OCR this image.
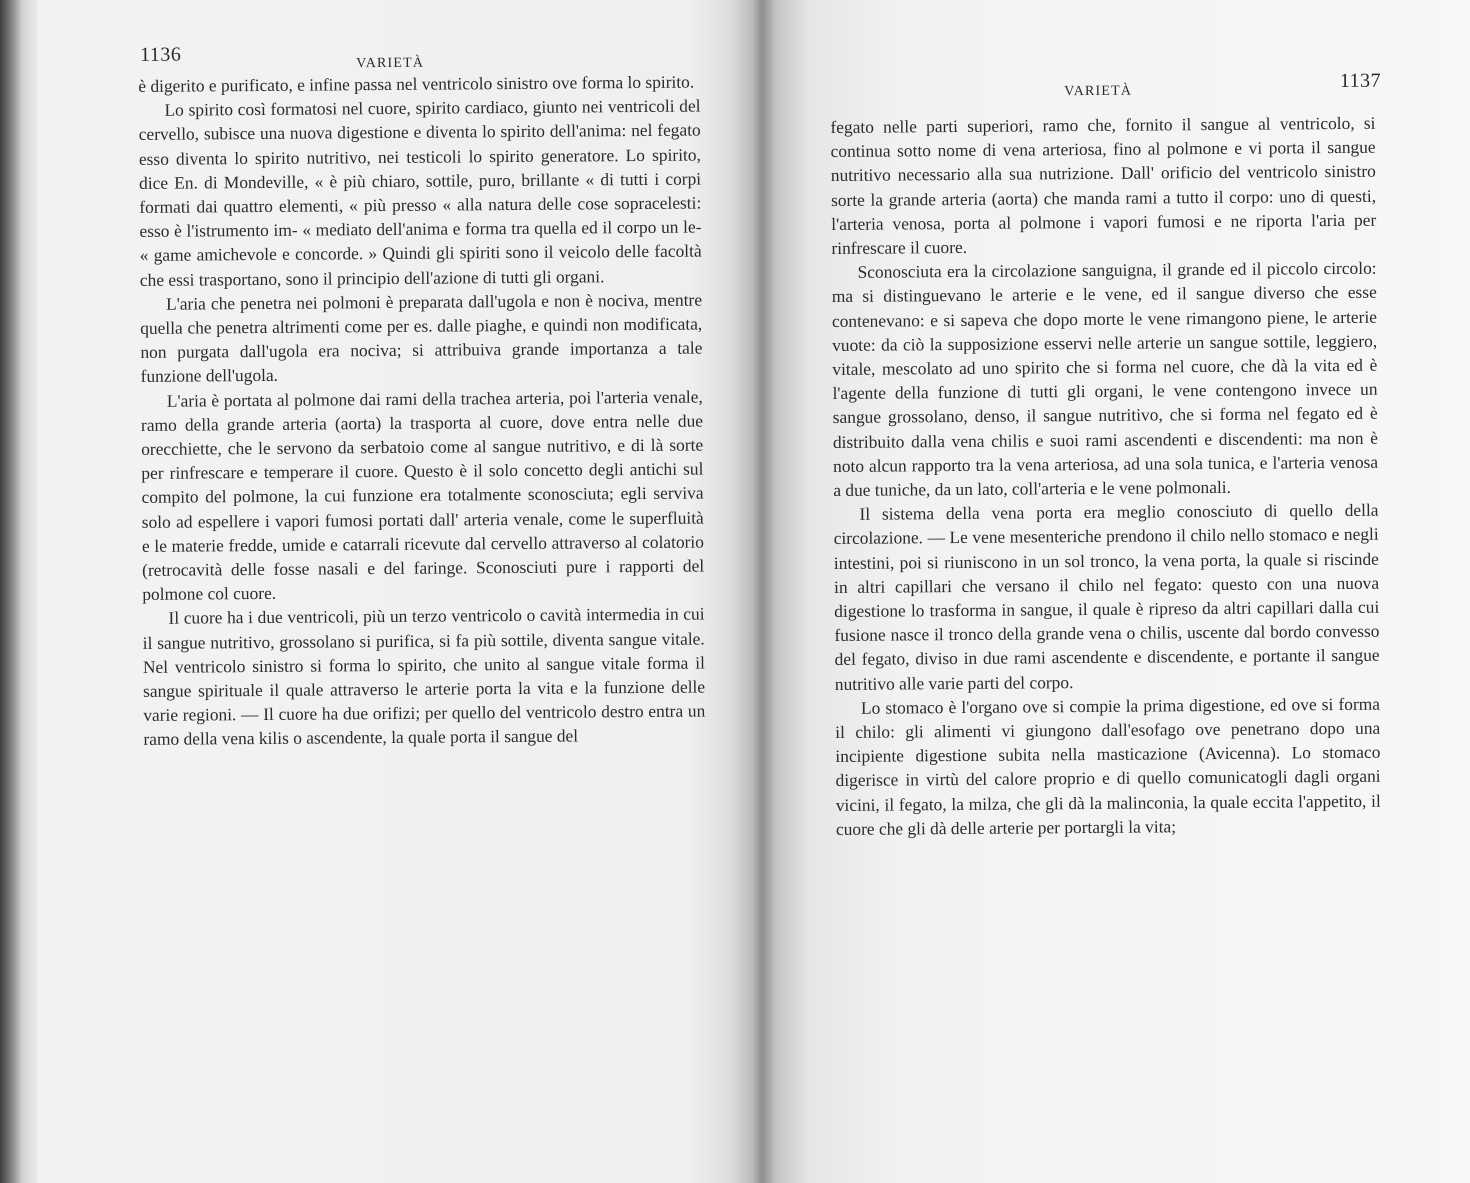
1136	VARIETÀ

è digerito e purificato, e infine passa nel ventricolo sinistro ove forma lo spirito.

Lo spirito così formatosi nel cuore, spirito cardiaco, giunto nei ventricoli del cervello, subisce una nuova digestione e diventa lo spirito dell'anima: nel fegato esso diventa lo spirito nutritivo, nei testicoli lo spirito generatore. Lo spirito, dice En. di Mondeville, « è più chiaro, sottile, puro, brillante « di tutti i corpi formati dai quattro elementi, « più presso « alla natura delle cose sopracelesti: esso è l'istrumento im- « mediato dell'anima e forma tra quella ed il corpo un le- « game amichevole e concorde. » Quindi gli spiriti sono il veicolo delle facoltà che essi trasportano, sono il principio dell'azione di tutti gli organi.

L'aria che penetra nei polmoni è preparata dall'ugola e non è nociva, mentre quella che penetra altrimenti come per es. dalle piaghe, e quindi non modificata, non purgata dall'ugola era nociva; si attribuiva grande importanza a tale funzione dell'ugola.

L'aria è portata al polmone dai rami della trachea arteria, poi l'arteria venale, ramo della grande arteria (aorta) la trasporta al cuore, dove entra nelle due orecchiette, che le servono da serbatoio come al sangue nutritivo, e di là sorte per rinfrescare e temperare il cuore. Questo è il solo concetto degli antichi sul compito del polmone, la cui funzione era totalmente sconosciuta; egli serviva solo ad espellere i vapori fumosi portati dall' arteria venale, come le superfluità e le materie fredde, umide e catarrali ricevute dal cervello attraverso al colatorio (retrocavità delle fosse nasali e del faringe. Sconosciuti pure i rapporti del polmone col cuore.

Il cuore ha i due ventricoli, più un terzo ventricolo o cavità intermedia in cui il sangue nutritivo, grossolano si purifica, si fa più sottile, diventa sangue vitale. Nel ventricolo sinistro si forma lo spirito, che unito al sangue vitale forma il sangue spirituale il quale attraverso le arterie porta la vita e la funzione delle varie regioni. — Il cuore ha due orifizi; per quello del ventricolo destro entra un ramo della vena kilis o ascendente, la quale porta il sangue del

VARIETÀ	1137

fegato nelle parti superiori, ramo che, fornito il sangue al ventricolo, si continua sotto nome di vena arteriosa, fino al polmone e vi porta il sangue nutritivo necessario alla sua nutrizione. Dall' orificio del ventricolo sinistro sorte la grande arteria (aorta) che manda rami a tutto il corpo: uno di questi, l'arteria venosa, porta al polmone i vapori fumosi e ne riporta l'aria per rinfrescare il cuore.

Sconosciuta era la circolazione sanguigna, il grande ed il piccolo circolo: ma si distinguevano le arterie e le vene, ed il sangue diverso che esse contenevano: e si sapeva che dopo morte le vene rimangono piene, le arterie vuote: da ciò la supposizione esservi nelle arterie un sangue sottile, leggiero, vitale, mescolato ad uno spirito che si forma nel cuore, che dà la vita ed è l'agente della funzione di tutti gli organi, le vene contengono invece un sangue grossolano, denso, il sangue nutritivo, che si forma nel fegato ed è distribuito dalla vena chilis e suoi rami ascendenti e discendenti: ma non è noto alcun rapporto tra la vena arteriosa, ad una sola tunica, e l'arteria venosa a due tuniche, da un lato, coll'arteria e le vene polmonali.

Il sistema della vena porta era meglio conosciuto di quello della circolazione. — Le vene mesenteriche prendono il chilo nello stomaco e negli intestini, poi si riuniscono in un sol tronco, la vena porta, la quale si riscinde in altri capillari che versano il chilo nel fegato: questo con una nuova digestione lo trasforma in sangue, il quale è ripreso da altri capillari dalla cui fusione nasce il tronco della grande vena o chilis, uscente dal bordo convesso del fegato, diviso in due rami ascendente e discendente, e portante il sangue nutritivo alle varie parti del corpo.

Lo stomaco è l'organo ove si compie la prima digestione, ed ove si forma il chilo: gli alimenti vi giungono dall'esofago ove penetrano dopo una incipiente digestione subita nella masticazione (Avicenna). Lo stomaco digerisce in virtù del calore proprio e di quello comunicatogli dagli organi vicini, il fegato, la milza, che gli dà la malinconia, la quale eccita l'appetito, il cuore che gli dà delle arterie per portargli la vita;
